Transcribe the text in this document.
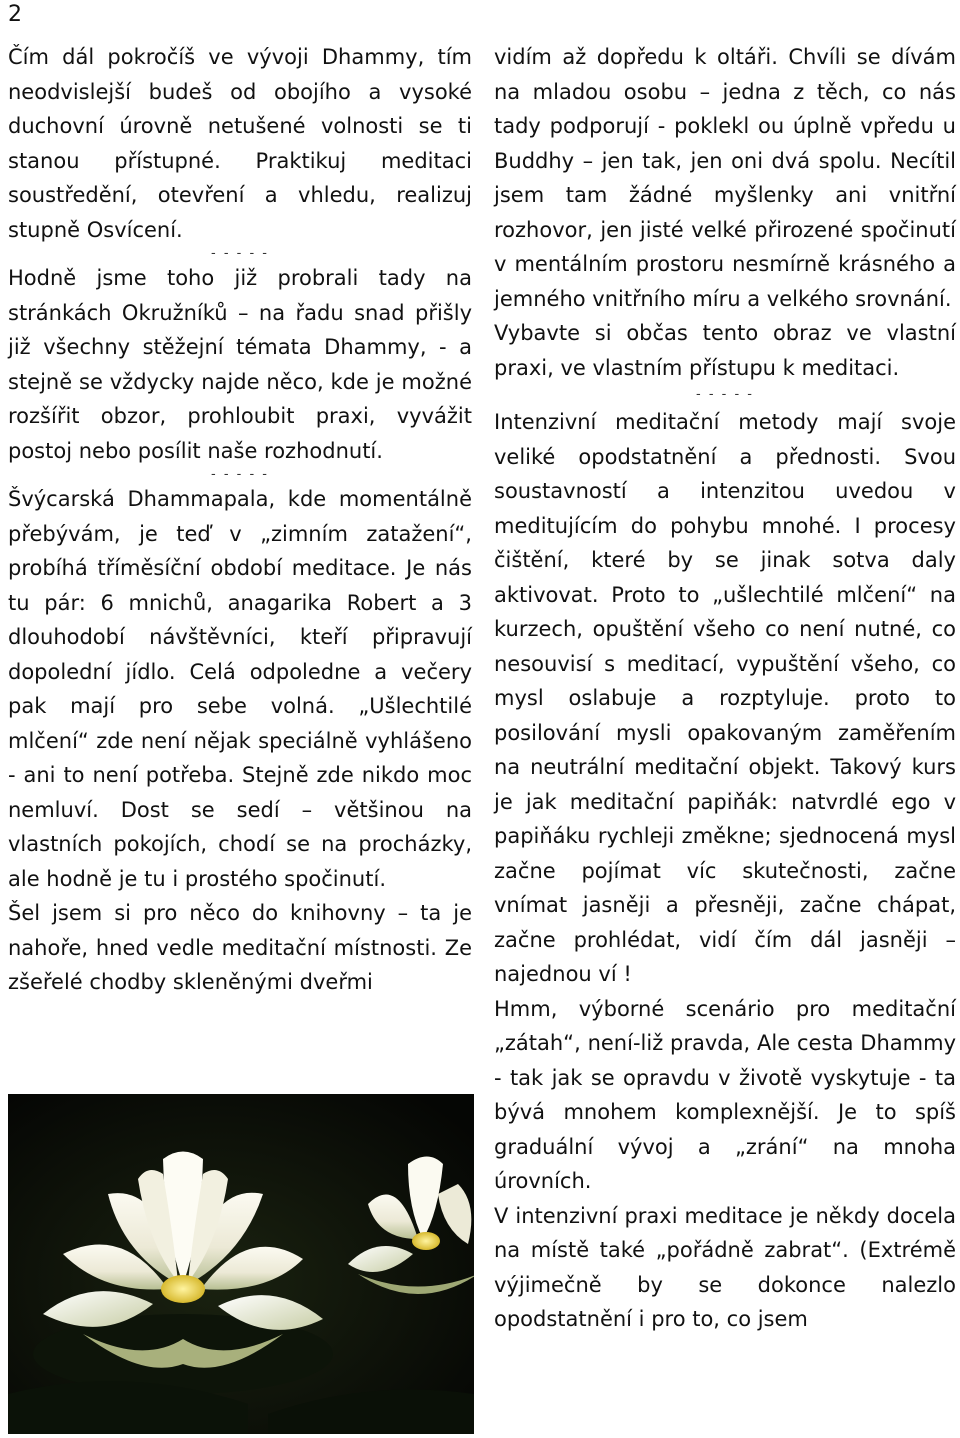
2

Čím dál pokročíš ve vývoji Dhammy, tím neodvislejší budeš od obojího a vysoké duchovní úrovně netušené volnosti se ti stanou přístupné. Praktikuj meditaci soustředění, otevření a vhledu, realizuj stupně Osvícení.

- - - - -

Hodně jsme toho již probrali tady na stránkách Okružníků – na řadu snad přišly již všechny stěžejní témata Dhammy, - a stejně se vždycky najde něco, kde je možné rozšířit obzor, prohloubit praxi, vyvážit postoj nebo posílit naše rozhodnutí.

- - - - -

Švýcarská Dhammapala, kde momentálně přebývám, je teď v „zimním zatažení“, probíhá tříměsíční období meditace. Je nás tu pár: 6 mnichů, anagarika Robert a 3 dlouhodobí návštěvníci, kteří připravují dopolední jídlo. Celá odpoledne a večery pak mají pro sebe volná. „Ušlechtilé mlčení“ zde není nějak speciálně vyhlášeno - ani to není potřeba. Stejně zde nikdo moc nemluví. Dost se sedí – většinou na vlastních pokojích, chodí se na procházky, ale hodně je tu i prostého spočinutí.

Šel jsem si pro něco do knihovny – ta je nahoře, hned vedle meditační místnosti. Ze zšeřelé chodby skleněnými dveřmi

vidím až dopředu k oltáři. Chvíli se dívám na mladou osobu – jedna z těch, co nás tady podporují - poklekl ou úplně vpředu u Buddhy – jen tak, jen oni dvá spolu. Necítil jsem tam žádné myšlenky ani vnitřní rozhovor, jen jisté velké přirozené spočinutí v mentálním prostoru nesmírně krásného a jemného vnitřního míru a velkého srovnání.

Vybavte si občas tento obraz ve vlastní praxi, ve vlastním přístupu k meditaci.

- - - - -

Intenzivní meditační metody mají svoje veliké opodstatnění a přednosti. Svou soustavností a intenzitou uvedou v meditujícím do pohybu mnohé. I procesy čištění, které by se jinak sotva daly aktivovat. Proto to „ušlechtilé mlčení“ na kurzech, opuštění všeho co není nutné, co nesouvisí s meditací, vypuštění všeho, co mysl oslabuje a rozptyluje. proto to posilování mysli opakovaným zaměřením na neutrální meditační objekt. Takový kurs je jak meditační papiňák: natvrdlé ego v papiňáku rychleji změkne; sjednocená mysl začne pojímat víc skutečnosti, začne vnímat jasněji a přesněji, začne chápat, začne prohlédat, vidí čím dál jasněji – najednou ví !

Hmm, výborné scenário pro meditační „zátah“, není-liž pravda, Ale cesta Dhammy - tak jak se opravdu v životě vyskytuje - ta bývá mnohem komplexnější. Je to spíš graduální vývoj a „zrání“ na mnoha úrovních.

V intenzivní praxi meditace je někdy docela na místě také „pořádně zabrat“. (Extrémě výjimečně by se dokonce nalezlo opodstatnění i pro to, co jsem
